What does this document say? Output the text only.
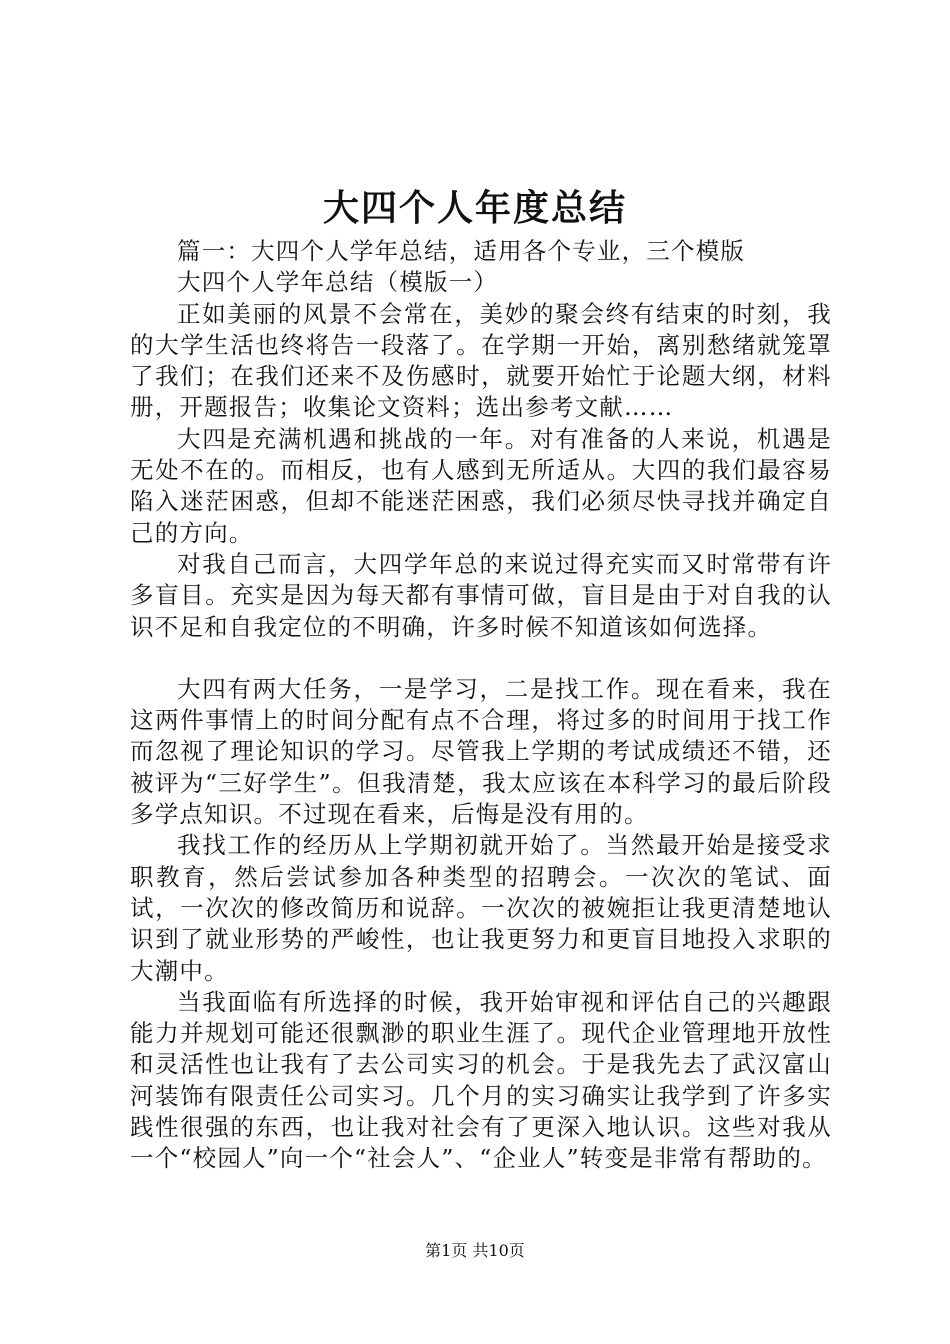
大四个人年度总结

篇一：大四个人学年总结，适用各个专业，三个模版

大四个人学年总结（模版一）

正如美丽的风景不会常在，美妙的聚会终有结束的时刻，我的大学生活也终将告一段落了。在学期一开始，离别愁绪就笼罩了我们；在我们还来不及伤感时，就要开始忙于论题大纲，材料册，开题报告；收集论文资料；选出参考文献……

大四是充满机遇和挑战的一年。对有准备的人来说，机遇是无处不在的。而相反，也有人感到无所适从。大四的我们最容易陷入迷茫困惑，但却不能迷茫困惑，我们必须尽快寻找并确定自己的方向。

对我自己而言，大四学年总的来说过得充实而又时常带有许多盲目。充实是因为每天都有事情可做，盲目是由于对自我的认识不足和自我定位的不明确，许多时候不知道该如何选择。

大四有两大任务，一是学习，二是找工作。现在看来，我在这两件事情上的时间分配有点不合理，将过多的时间用于找工作而忽视了理论知识的学习。尽管我上学期的考试成绩还不错，还被评为“三好学生”。但我清楚，我太应该在本科学习的最后阶段多学点知识。不过现在看来，后悔是没有用的。

我找工作的经历从上学期初就开始了。当然最开始是接受求职教育，然后尝试参加各种类型的招聘会。一次次的笔试、面试，一次次的修改简历和说辞。一次次的被婉拒让我更清楚地认识到了就业形势的严峻性，也让我更努力和更盲目地投入求职的大潮中。

当我面临有所选择的时候，我开始审视和评估自己的兴趣跟能力并规划可能还很飘渺的职业生涯了。现代企业管理地开放性和灵活性也让我有了去公司实习的机会。于是我先去了武汉富山河装饰有限责任公司实习。几个月的实习确实让我学到了许多实践性很强的东西，也让我对社会有了更深入地认识。这些对我从一个“校园人”向一个“社会人”、“企业人”转变是非常有帮助的。

第1页 共10页
